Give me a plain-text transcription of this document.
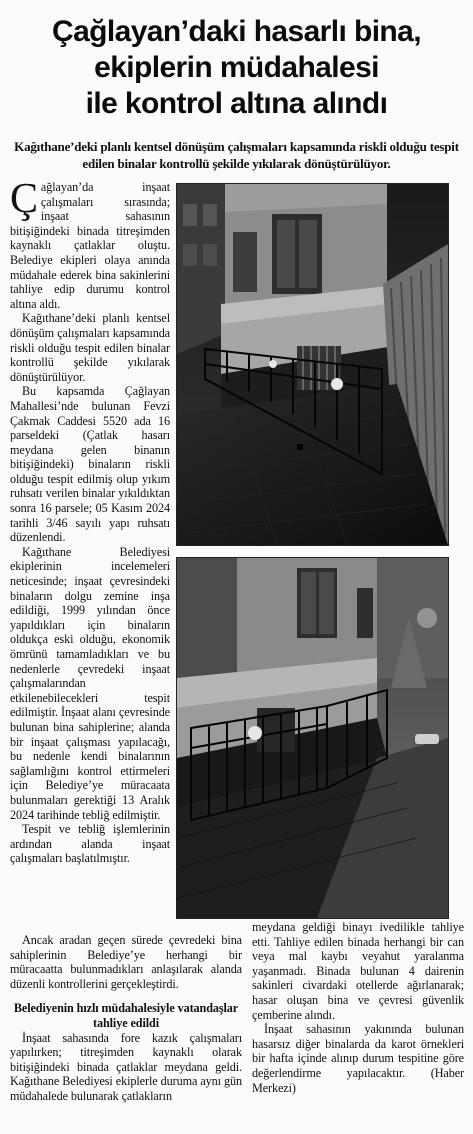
Çağlayan’daki hasarlı bina,
ekiplerin müdahalesi
ile kontrol altına alındı

Kağıthane’deki planlı kentsel dönüşüm çalışmaları kapsamında riskli olduğu tespit edilen binalar kontrollü şekilde yıkılarak dönüştürülüyor.

Çağlayan’da inşaat çalışmaları sırasında; inşaat sahasının bitişiğindeki binada titreşimden kaynaklı çatlaklar oluştu. Belediye ekipleri olaya anında müdahale ederek bina sakinlerini tahliye edip durumu kontrol altına aldı.

Kağıthane’deki planlı kentsel dönüşüm çalışmaları kapsamında riskli olduğu tespit edilen binalar kontrollü şekilde yıkılarak dönüştürülüyor.

Bu kapsamda Çağlayan Mahallesi’nde bulunan Fevzi Çakmak Caddesi 5520 ada 16 parseldeki (Çatlak hasarı meydana gelen binanın bitişiğindeki) binaların riskli olduğu tespit edilmiş olup yıkım ruhsatı verilen binalar yıkıldıktan sonra 16 parsele; 05 Kasım 2024 tarihli 3/46 sayılı yapı ruhsatı düzenlendi.

Kağıthane Belediyesi ekiplerinin incelemeleri neticesinde; inşaat çevresindeki binaların dolgu zemine inşa edildiği, 1999 yılından önce yapıldıkları için binaların oldukça eski olduğu, ekonomik ömrünü tamamladıkları ve bu nedenlerle çevredeki inşaat çalışmalarından etkilenebilecekleri tespit edilmiştir. İnşaat alanı çevresinde bulunan bina sahiplerine; alanda bir inşaat çalışması yapılacağı, bu nedenle kendi binalarının sağlamlığını kontrol ettirmeleri için Belediye’ye müracaata bulunmaları gerektiği 13 Aralık 2024 tarihinde tebliğ edilmiştir.

Tespit ve tebliğ işlemlerinin ardından alanda inşaat çalışmaları başlatılmıştır.

Ancak aradan geçen sürede çevredeki bina sahiplerinin Belediye’ye herhangi bir müracaatta bulunmadıkları anlaşılarak alanda düzenli kontrollerini gerçekleştirdi.

Belediyenin hızlı müdahalesiyle vatandaşlar tahliye edildi

İnşaat sahasında fore kazık çalışmaları yapılırken; titreşimden kaynaklı olarak bitişiğindeki binada çatlaklar meydana geldi. Kağıthane Belediyesi ekiplerle duruma aynı gün müdahalede bulunarak çatlakların

meydana geldiği binayı ivedilikle tahliye etti. Tahliye edilen binada herhangi bir can veya mal kaybı veyahut yaralanma yaşanmadı. Binada bulunan 4 dairenin sakinleri civardaki otellerde ağırlanarak; hasar oluşan bina ve çevresi güvenlik çemberine alındı.

İnşaat sahasının yakınında bulunan hasarsız diğer binalarda da karot örnekleri bir hafta içinde alınıp durum tespitine göre değerlendirme yapılacaktır. (Haber Merkezi)
